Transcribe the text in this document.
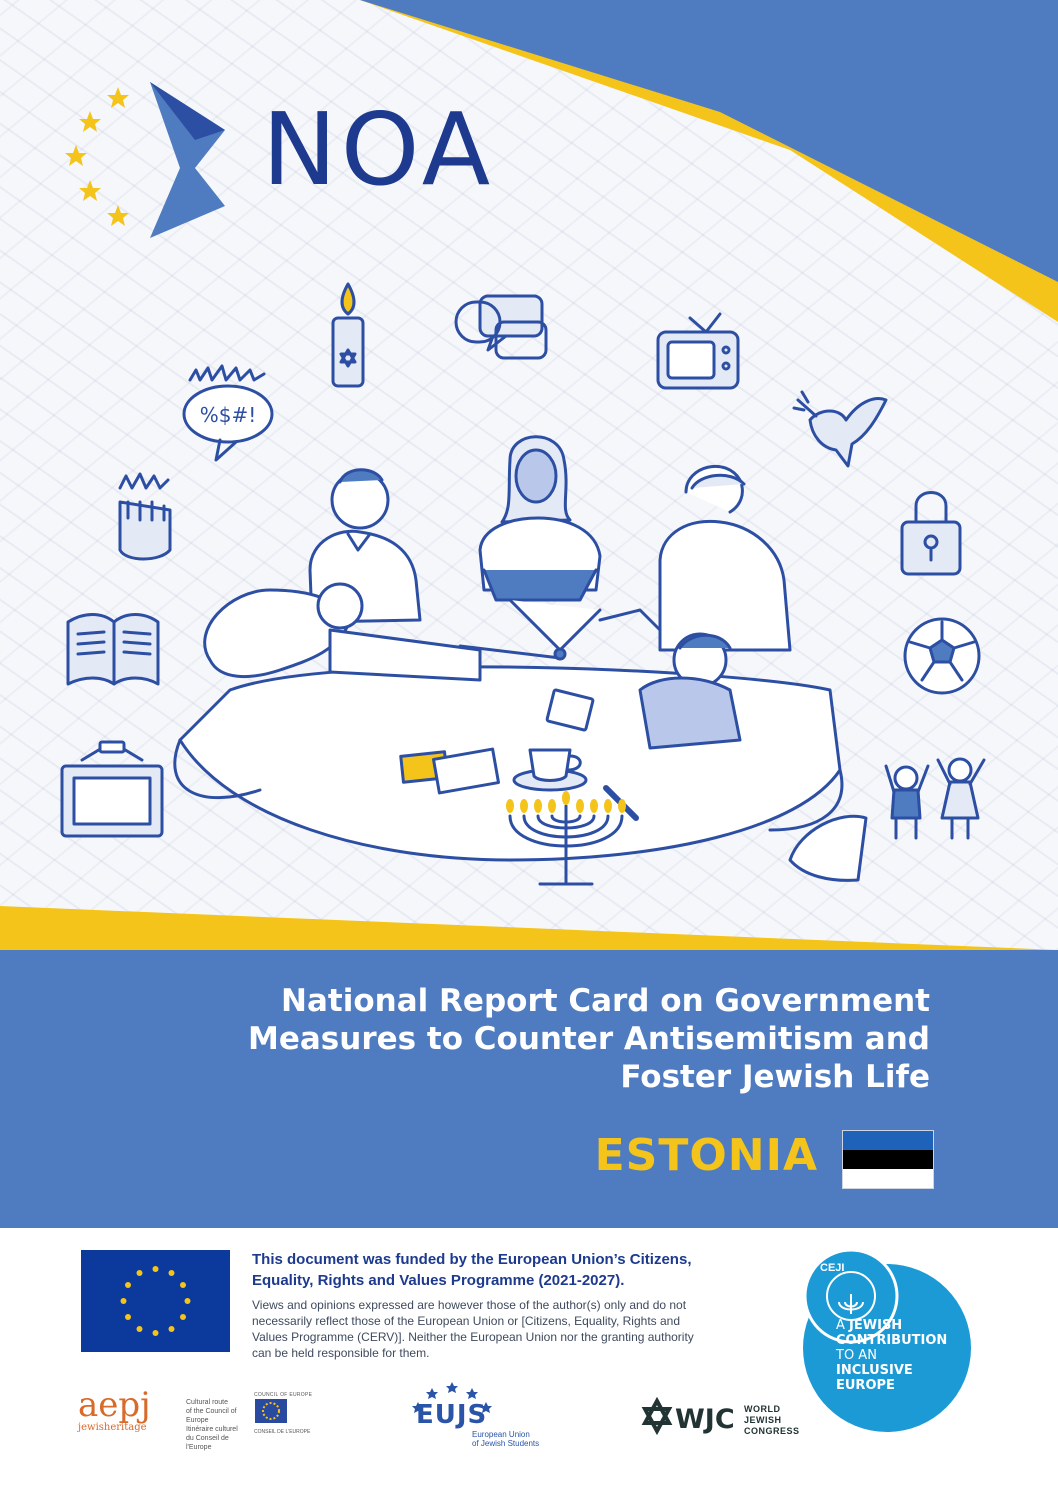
NOA
%$#!
National Report Card on Government
Measures to Counter Antisemitism and
Foster Jewish Life
ESTONIA
This document was funded by the European Union’s Citizens,
Equality, Rights and Values Programme (2021-2027).
Views and opinions expressed are however those of the author(s) only and do not
necessarily reflect those of the European Union or [Citizens, Equality, Rights and
Values Programme (CERV)]. Neither the European Union nor the granting authority
can be held responsible for them.
CEJI
A JEWISH
CONTRIBUTION
TO AN
INCLUSIVE
EUROPE
aepj
jewisheritage
Cultural route
of the Council of Europe
Itinéraire culturel
du Conseil de l'Europe
COUNCIL OF EUROPE
CONSEIL DE L'EUROPE
EUJS
European Union
of Jewish Students
WJC WORLD
JEWISH
CONGRESS
